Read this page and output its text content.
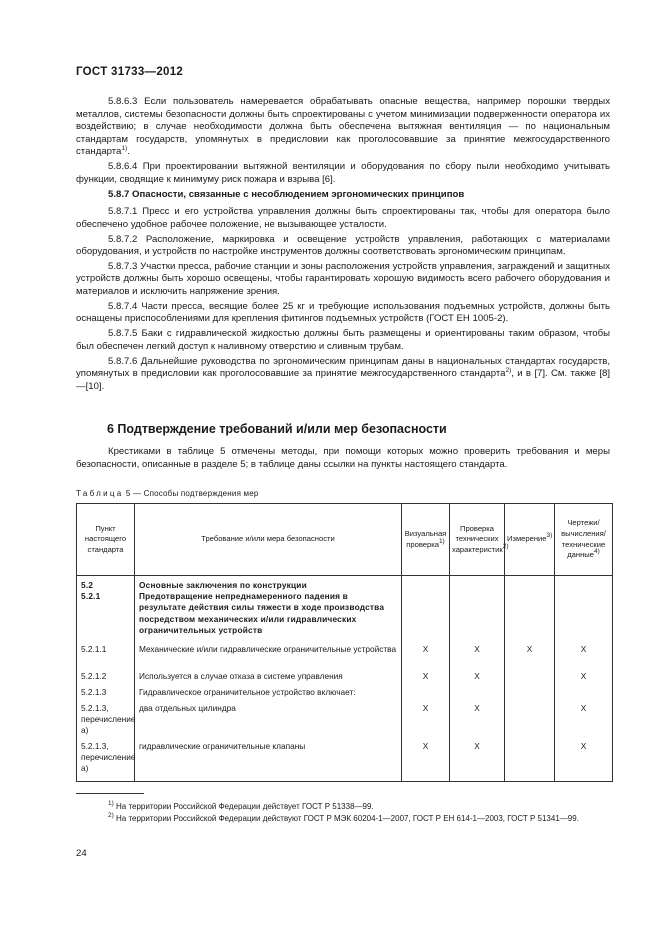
ГОСТ 31733—2012

5.8.6.3 Если пользователь намеревается обрабатывать опасные вещества, например порошки твердых металлов, системы безопасности должны быть спроектированы с учетом минимизации подверженности оператора их воздействию; в случае необходимости должна быть обеспечена вытяжная вентиляция — по национальным стандартам государств, упомянутых в предисловии как проголосовавшие за принятие межгосударственного стандарта$^{1)}$.

5.8.6.4 При проектировании вытяжной вентиляции и оборудования по сбору пыли необходимо учитывать функции, сводящие к минимуму риск пожара и взрыва [6].

5.8.7 Опасности, связанные с несоблюдением эргономических принципов

5.8.7.1 Пресс и его устройства управления должны быть спроектированы так, чтобы для оператора было обеспечено удобное рабочее положение, не вызывающее усталости.

5.8.7.2 Расположение, маркировка и освещение устройств управления, работающих с материалами оборудования, и устройств по настройке инструментов должны соответствовать эргономическим принципам.

5.8.7.3 Участки пресса, рабочие станции и зоны расположения устройств управления, заграждений и защитных устройств должны быть хорошо освещены, чтобы гарантировать хорошую видимость всего рабочего оборудования и материалов и исключить напряжение зрения.

5.8.7.4 Части пресса, весящие более 25 кг и требующие использования подъемных устройств, должны быть оснащены приспособлениями для крепления фитингов подъемных устройств (ГОСТ ЕН 1005-2).

5.8.7.5 Баки с гидравлической жидкостью должны быть размещены и ориентированы таким образом, чтобы был обеспечен легкий доступ к наливному отверстию и сливным трубам.

5.8.7.6 Дальнейшие руководства по эргономическим принципам даны в национальных стандартах государств, упомянутых в предисловии как проголосовавшие за принятие межгосударственного стандарта$^{2)}$, и в [7]. См. также [8]—[10].

6 Подтверждение требований и/или мер безопасности
Крестиками в таблице 5 отмечены методы, при помощи которых можно проверить требования и меры безопасности, описанные в разделе 5; в таблице даны ссылки на пункты настоящего стандарта.
Таблица 5 — Способы подтверждения мер
Пункт настоящего стандарта	Требование и/или мера безопасности	Визуальная проверка$^{1)}$	Проверка технических характеристик$^{2)}$	Измерение$^{3)}$	Чертежи/вычисления/технические данные$^{4)}$
5.2
5.2.1	Основные заключения по конструкции
Предотвращение непреднамеренного падения в результате действия силы тяжести в ходе производства посредством механических и/или гидравлических ограничительных устройств				

5.2.1.1	Механические и/или гидравлические ограничительные устройства	X	X	X	X
5.2.1.2	Используется в случае отказа в системе управления	X	X		X
5.2.1.3	Гидравлическое ограничительное устройство включает:				
5.2.1.3, перечисление а)	два отдельных цилиндра	X	X		X
5.2.1.3, перечисление а)	гидравлические ограничительные клапаны	X	X		X

$^{1)}$ На территории Российской Федерации действует ГОСТ Р 51338—99.

$^{2)}$ На территории Российской Федерации действуют ГОСТ Р МЭК 60204-1—2007, ГОСТ Р ЕН 614-1—2003, ГОСТ Р 51341—99.

24
